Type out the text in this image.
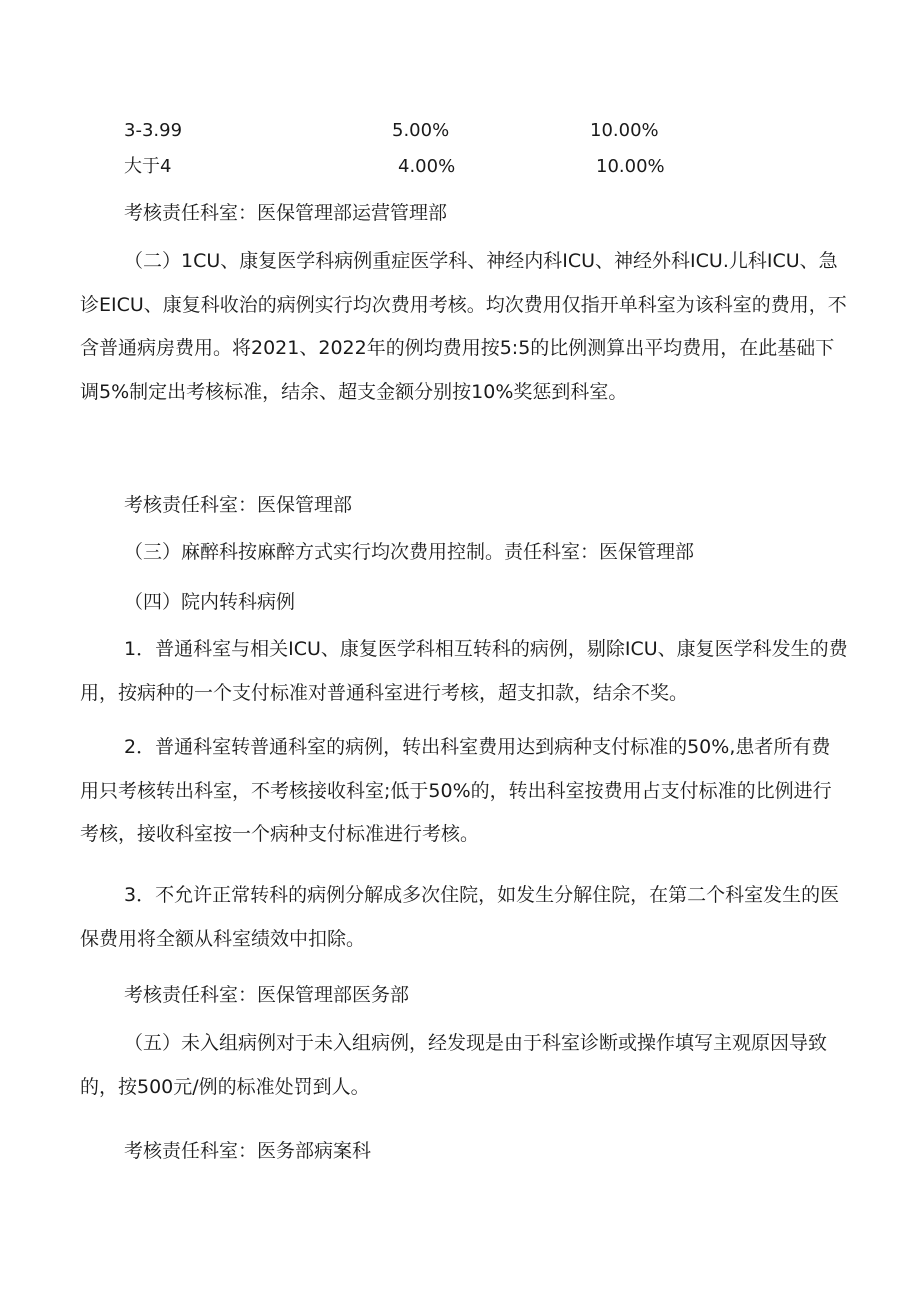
3-3.99	5.00%	10.00%
大于4	4.00%	10.00%

考核责任科室：医保管理部运营管理部

（二）1CU、康复医学科病例重症医学科、神经内科ICU、神经外科ICU.儿科ICU、急诊EICU、康复科收治的病例实行均次费用考核。均次费用仅指开单科室为该科室的费用，不含普通病房费用。将2021、2022年的例均费用按5:5的比例测算出平均费用，在此基础下调5%制定出考核标准，结余、超支金额分别按10%奖惩到科室。

考核责任科室：医保管理部

（三）麻醉科按麻醉方式实行均次费用控制。责任科室：医保管理部

（四）院内转科病例

1．普通科室与相关ICU、康复医学科相互转科的病例，剔除ICU、康复医学科发生的费用，按病种的一个支付标准对普通科室进行考核，超支扣款，结余不奖。

2．普通科室转普通科室的病例，转出科室费用达到病种支付标准的50%,患者所有费用只考核转出科室，不考核接收科室;低于50%的，转出科室按费用占支付标准的比例进行考核，接收科室按一个病种支付标准进行考核。

3．不允许正常转科的病例分解成多次住院，如发生分解住院，在第二个科室发生的医保费用将全额从科室绩效中扣除。

考核责任科室：医保管理部医务部

（五）未入组病例对于未入组病例，经发现是由于科室诊断或操作填写主观原因导致的，按500元/例的标准处罚到人。

考核责任科室：医务部病案科
